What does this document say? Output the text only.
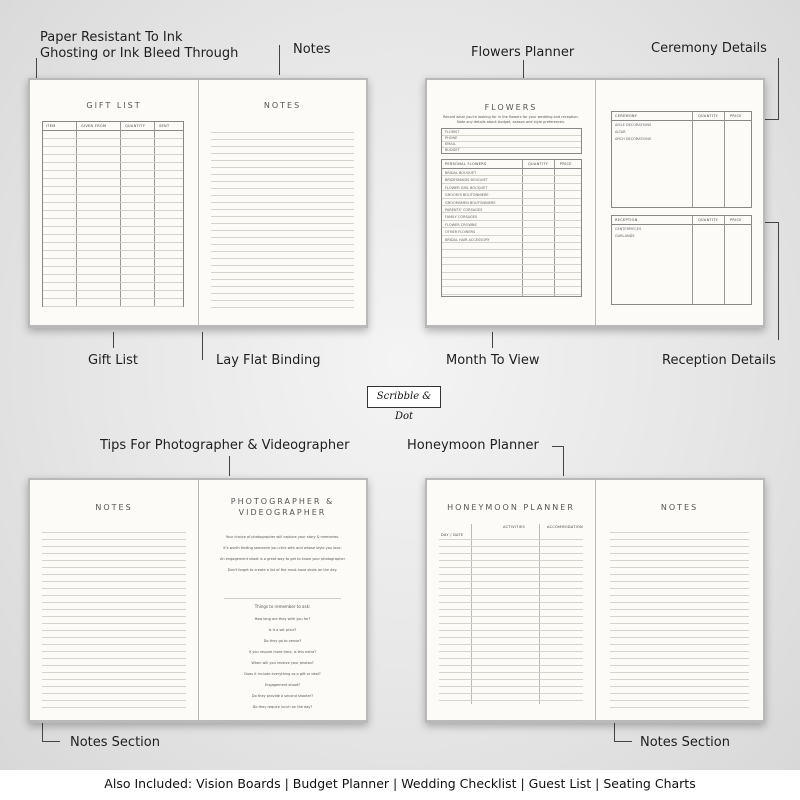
Paper Resistant To Ink
Ghosting or Ink Bleed Through	Notes	Flowers Planner	Ceremony Details
Gift List	Lay Flat Binding	Month To View	Reception Details
Scribble & Dot
Tips For Photographer & Videographer	Honeymoon Planner
Notes Section	Notes Section
GIFT LIST
ITEM	GIVEN FROM	QUANTITY	SENT
NOTES	FLOWERS
Record what you're looking for in the flowers for your wedding and reception.
Note any details about budget, season and style preferences.
FLORIST
PHONE
EMAIL
BUDGET
PERSONAL FLOWERS	QUANTITY	PRICE
BRIDAL BOUQUET
BRIDESMAIDS BOUQUET
FLOWER GIRL BOUQUET
GROOM'S BOUTONNIERE
GROOMSMEN BOUTONNIERE
PARENTS' CORSAGES
FAMILY CORSAGES
FLOWER CROWNS
OTHER FLOWERS
BRIDAL HAIR ACCESSORY
CEREMONY	QUANTITY	PRICE
AISLE DECORATIONS
ALTAR
ARCH DECORATIONS
RECEPTION	QUANTITY	PRICE
CENTERPIECES
GARLANDS
NOTES
PHOTOGRAPHER &
VIDEOGRAPHER
Your choice of photographer will capture your story & memories.
It's worth finding someone you click with and whose style you love.
An engagement shoot is a great way to get to know your photographer
Don't forget to create a list of the must-have shots on the day.
Things to remember to ask:
How long are they with you for?
Is it a set price?
Do they go to venue?
If you require more time, is this extra?
When will you receive your photos?
Does it include everything as a gift or deal?
Engagement shoot?
Do they provide a second shooter?
Do they require lunch on the day?
HONEYMOON PLANNER
DAY / DATE
ACTIVITIES	ACCOMMODATION
NOTES
Also Included: Vision Boards | Budget Planner | Wedding Checklist | Guest List | Seating Charts
